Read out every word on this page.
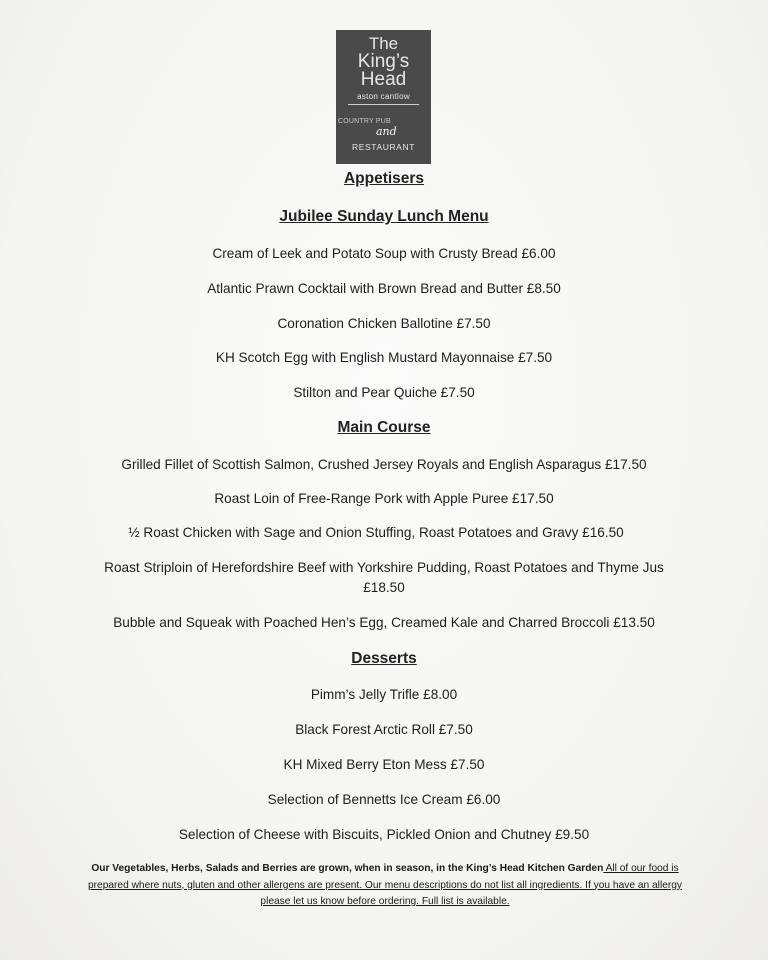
The
King’s
Head
aston cantlow
COUNTRY PUB
and
RESTAURANT
Appetisers
Jubilee Sunday Lunch Menu
Cream of Leek and Potato Soup with Crusty Bread £6.00
Atlantic Prawn Cocktail with Brown Bread and Butter £8.50
Coronation Chicken Ballotine £7.50
KH Scotch Egg with English Mustard Mayonnaise £7.50
Stilton and Pear Quiche £7.50
Main Course
Grilled Fillet of Scottish Salmon, Crushed Jersey Royals and English Asparagus £17.50
Roast Loin of Free-Range Pork with Apple Puree £17.50
½ Roast Chicken with Sage and Onion Stuffing, Roast Potatoes and Gravy £16.50
Roast Striploin of Herefordshire Beef with Yorkshire Pudding, Roast Potatoes and Thyme Jus
£18.50
Bubble and Squeak with Poached Hen’s Egg, Creamed Kale and Charred Broccoli £13.50
Desserts
Pimm’s Jelly Trifle £8.00
Black Forest Arctic Roll £7.50
KH Mixed Berry Eton Mess £7.50
Selection of Bennetts Ice Cream £6.00
Selection of Cheese with Biscuits, Pickled Onion and Chutney £9.50
Our Vegetables, Herbs, Salads and Berries are grown, when in season, in the King’s Head Kitchen Garden All of our food is prepared where nuts, gluten and other allergens are present. Our menu descriptions do not list all ingredients. If you have an allergy please let us know before ordering. Full list is available.
